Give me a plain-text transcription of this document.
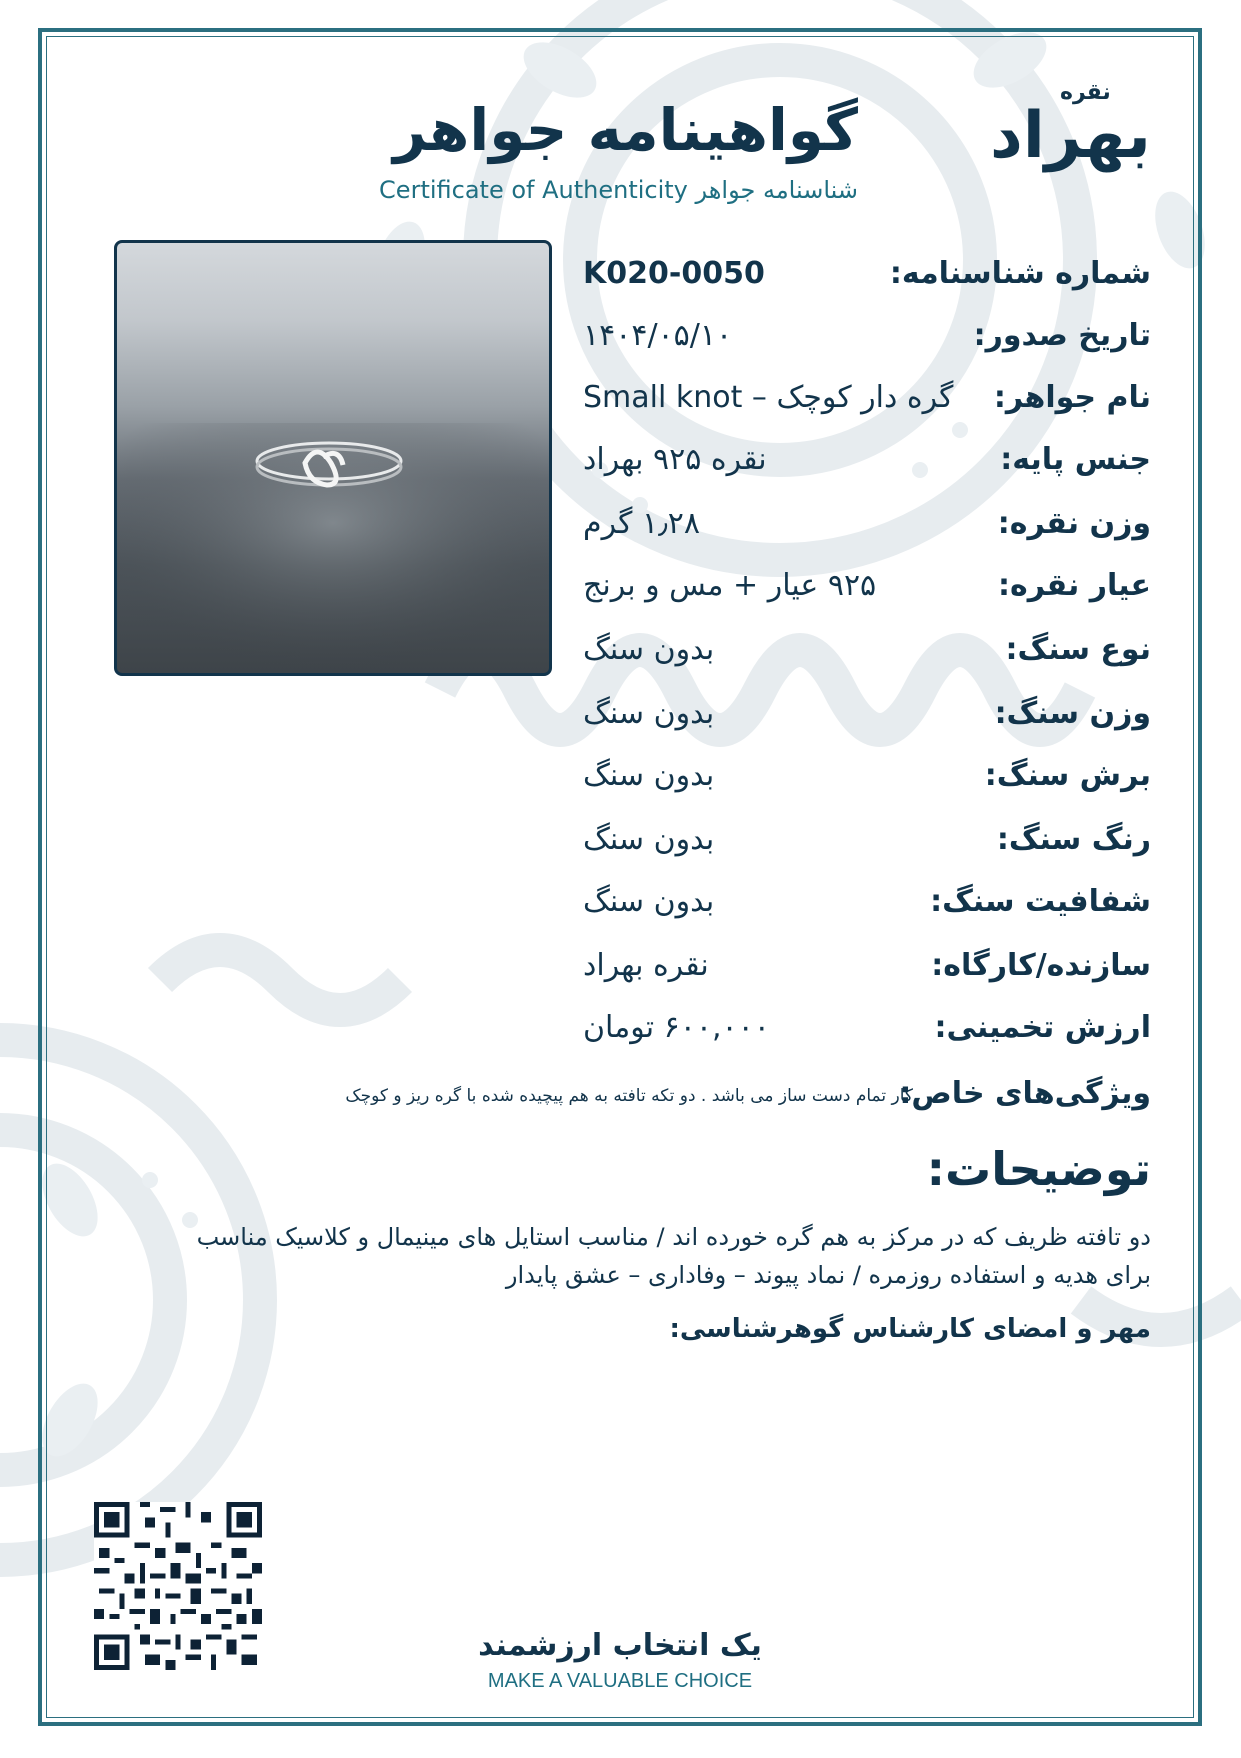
نقره
بهراد
گواهینامه جواهر
Certificate of Authenticity شناسنامه جواهر
شماره شناسنامه:
K020-0050
تاریخ صدور:
۱۴۰۴/۰۵/۱۰
نام جواهر:
Small knot – گره دار کوچک
جنس پایه:
نقره ۹۲۵ بهراد
وزن نقره:
۱٫۲۸ گرم
عیار نقره:
۹۲۵ عیار + مس و برنج
نوع سنگ:
بدون سنگ
وزن سنگ:
بدون سنگ
برش سنگ:
بدون سنگ
رنگ سنگ:
بدون سنگ
شفافیت سنگ:
بدون سنگ
سازنده/کارگاه:
نقره بهراد
ارزش تخمینی:
۶۰۰,۰۰۰ تومان
ویژگی‌های خاص:
کار تمام دست ساز می باشد . دو تکه تافته به هم پیچیده شده با گره ریز و کوچک
توضیحات:
دو تافته ظریف که در مرکز به هم گره خورده اند / مناسب استایل های مینیمال و کلاسیک مناسب برای هدیه و استفاده روزمره / نماد پیوند – وفاداری – عشق پایدار
مهر و امضای کارشناس گوهرشناسی:
یک انتخاب ارزشمند
MAKE A VALUABLE CHOICE
